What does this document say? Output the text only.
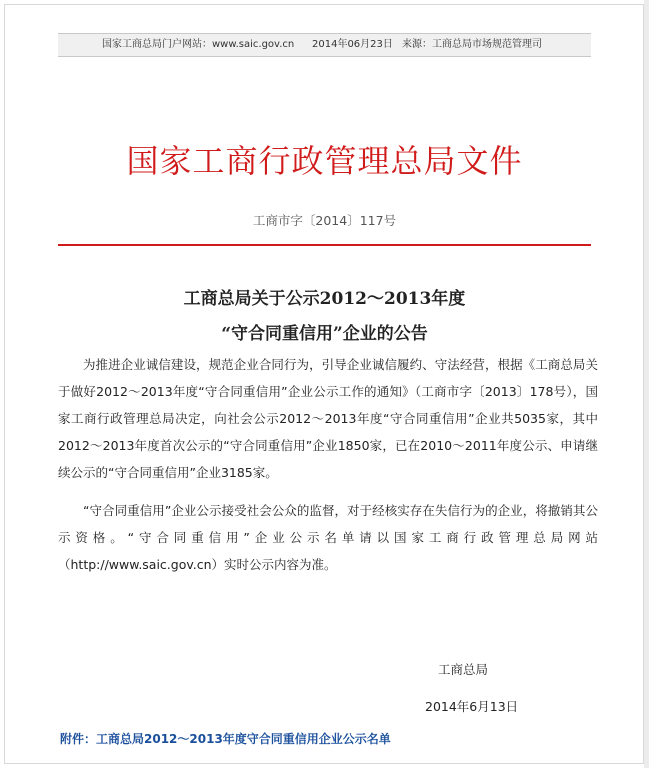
国家工商总局门户网站：www.saic.gov.cn 2014年06月23日 来源： 工商总局市场规范管理司
国家工商行政管理总局文件
工商市字〔2014〕117号
工商总局关于公示2012～2013年度
“守合同重信用”企业的公告
为推进企业诚信建设，规范企业合同行为，引导企业诚信履约、守法经营，根据《工商总局关于做好2012～2013年度“守合同重信用”企业公示工作的通知》（工商市字〔2013〕178号），国家工商行政管理总局决定，向社会公示2012～2013年度“守合同重信用”企业共5035家，其中2012～2013年度首次公示的“守合同重信用”企业1850家，已在2010～2011年度公示、申请继续公示的“守合同重信用”企业3185家。
“守合同重信用”企业公示接受社会公众的监督，对于经核实存在失信行为的企业，将撤销其公示资格。“守合同重信用”企业公示名单请以国家工商行政管理总局网站（http://www.saic.gov.cn）实时公示内容为准。
工商总局
2014年6月13日
附件：工商总局2012～2013年度守合同重信用企业公示名单
